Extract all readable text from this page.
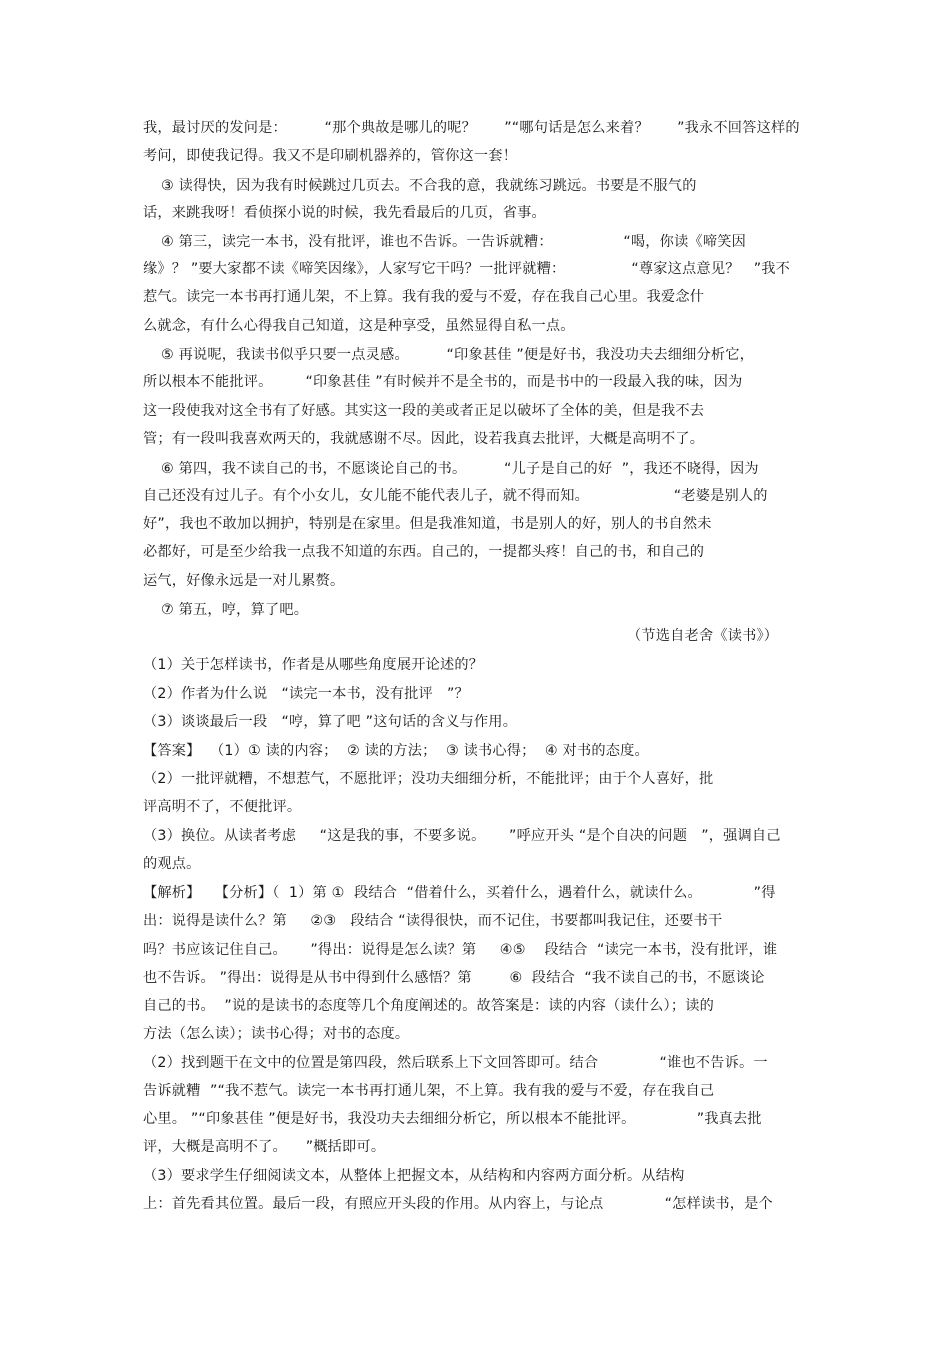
我，最讨厌的发问是：        “那个典故是哪儿的呢？      ”“哪句话是怎么来着？      ”我永不回答这样的
考问，即使我记得。我又不是印刷机器养的，管你这一套！
③ 读得快，因为我有时候跳过几页去。不合我的意，我就练习跳远。书要是不服气的
话，来跳我呀！看侦探小说的时候，我先看最后的几页，省事。
④ 第三，读完一本书，没有批评，谁也不告诉。一告诉就糟：               “喝，你读《啼笑因
缘》？ ”要大家都不读《啼笑因缘》，人家写它干吗？一批评就糟：              “尊家这点意见？   ”我不
惹气。读完一本书再打通儿架，不上算。我有我的爱与不爱，存在我自己心里。我爱念什
么就念，有什么心得我自己知道，这是种享受，虽然显得自私一点。
⑤ 再说呢，我读书似乎只要一点灵感。        “印象甚佳 ”便是好书，我没功夫去细细分析它，
所以根本不能批评。       “印象甚佳 ”有时候并不是全书的，而是书中的一段最入我的味，因为
这一段使我对这全书有了好感。其实这一段的美或者正足以破坏了全体的美，但是我不去
管；有一段叫我喜欢两天的，我就感谢不尽。因此，设若我真去批评，大概是高明不了。
⑥ 第四，我不读自己的书，不愿谈论自己的书。        “儿子是自己的好  ”，我还不晓得，因为
自己还没有过儿子。有个小女儿，女儿能不能代表儿子，就不得而知。                  “老婆是别人的
好”，我也不敢加以拥护，特别是在家里。但是我准知道，书是别人的好，别人的书自然未
必都好，可是至少给我一点我不知道的东西。自己的，一提都头疼！自己的书，和自己的
运气，好像永远是一对儿累赘。
⑦ 第五，哼，算了吧。
（节选自老舍《读书》）
（1）关于怎样读书，作者是从哪些角度展开论述的？
（2）作者为什么说   “读完一本书，没有批评   ”？
（3）谈谈最后一段   “哼，算了吧 ”这句话的含义与作用。
【答案】  （1）① 读的内容；  ② 读的方法；  ③ 读书心得；  ④ 对书的态度。
（2）一批评就糟，不想惹气，不愿批评；没功夫细细分析，不能批评；由于个人喜好，批
评高明不了，不便批评。
（3）换位。从读者考虑     “这是我的事，不要多说。     ”呼应开头 “是个自决的问题   ”，强调自己
的观点。
【解析】   【分析】（  1）第 ①  段结合  “借着什么，买着什么，遇着什么，就读什么。           ”得
出：说得是读什么？第     ②③   段结合 “读得很快，而不记住，书要都叫我记住，还要书干
吗？书应该记住自己。     ”得出：说得是怎么读？第     ④⑤    段结合  “读完一本书，没有批评，谁
也不告诉。 ”得出：说得是从书中得到什么感悟？第        ⑥  段结合  “我不读自己的书，不愿谈论
自己的书。  ”说的是读书的态度等几个角度阐述的。故答案是：读的内容（读什么）；读的
方法（怎么读）；读书心得；对书的态度。
（2）找到题干在文中的位置是第四段，然后联系上下文回答即可。结合             “谁也不告诉。一
告诉就糟  ”“我不惹气。读完一本书再打通儿架，不上算。我有我的爱与不爱，存在我自己
心里。 ”“印象甚佳 ”便是好书，我没功夫去细细分析它，所以根本不能批评。             ”我真去批
评，大概是高明不了。    ”概括即可。
（3）要求学生仔细阅读文本，从整体上把握文本，从结构和内容两方面分析。从结构
上：首先看其位置。最后一段，有照应开头段的作用。从内容上，与论点             “怎样读书，是个
